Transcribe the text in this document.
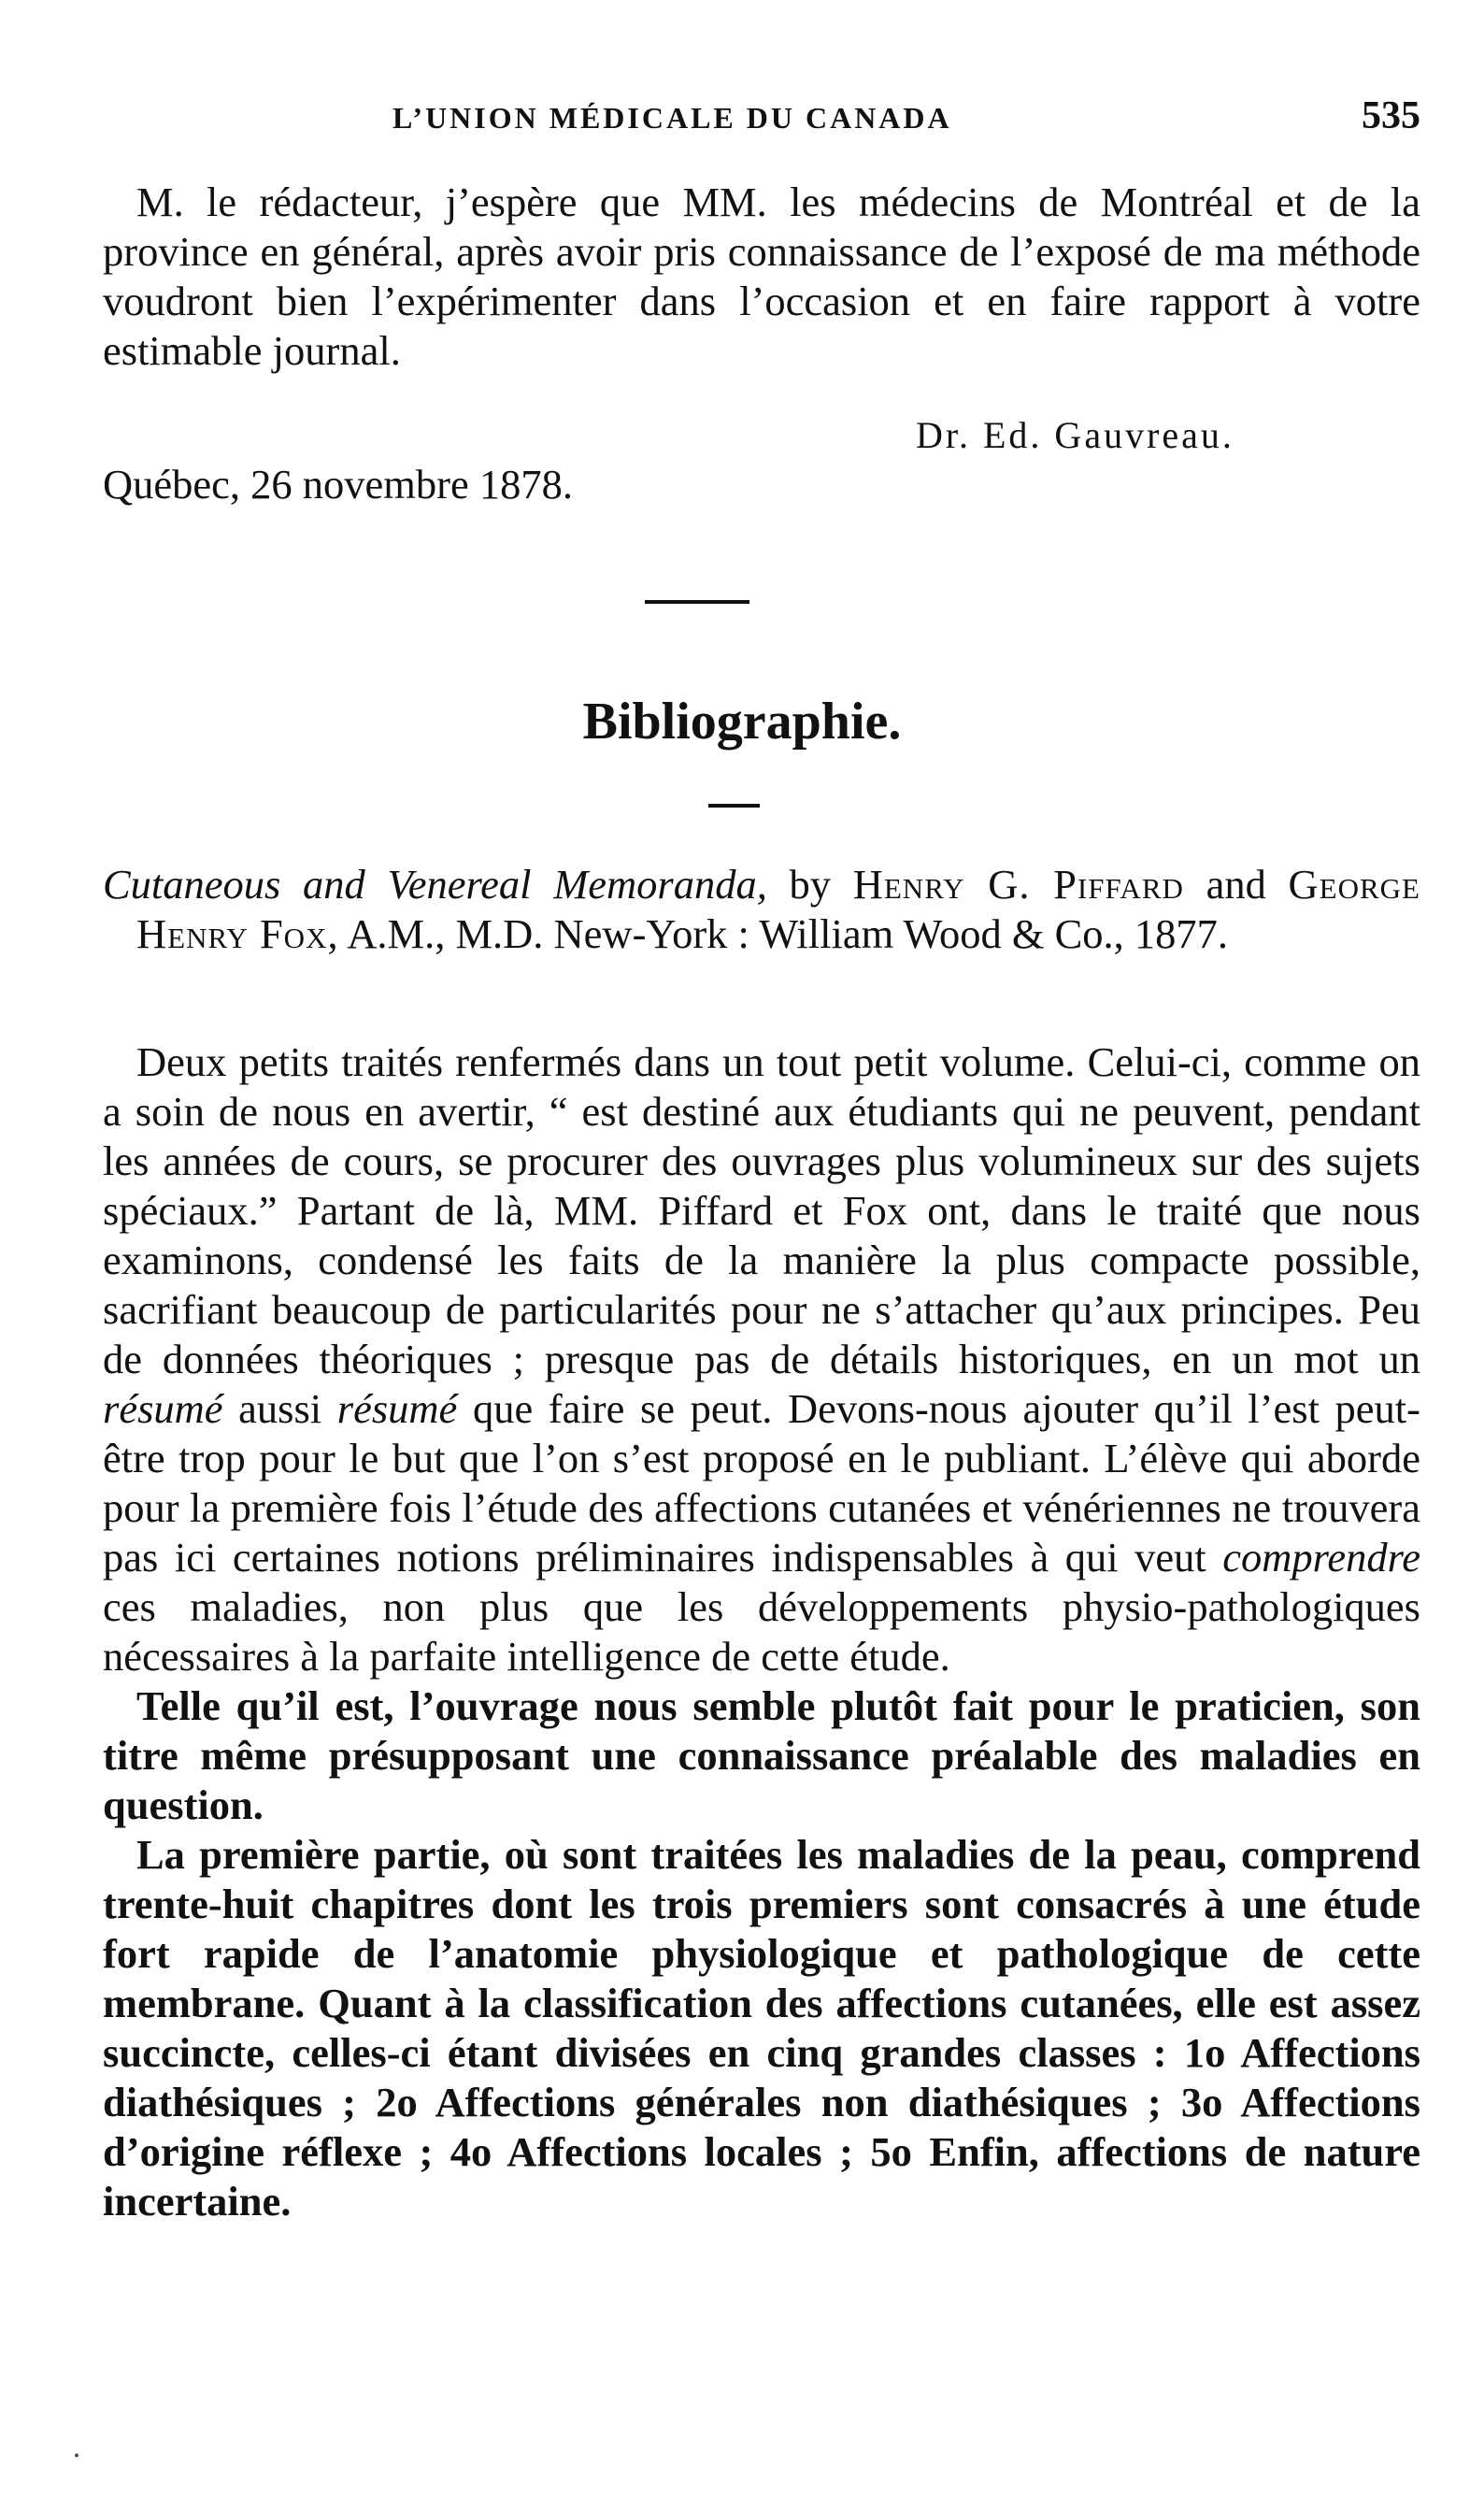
L’UNION MÉDICALE DU CANADA	535

M. le rédacteur, j’espère que MM. les médecins de Montréal et de la province en général, après avoir pris connaissance de l’exposé de ma méthode voudront bien l’expérimenter dans l’occasion et en faire rapport à votre estimable journal.

Dr. Ed. Gauvreau.
Québec, 26 novembre 1878.
Bibliographie.

Cutaneous and Venereal Memoranda, by Henry G. Piffard and George Henry Fox, A.M., M.D. New-York : William Wood & Co., 1877.

Deux petits traités renfermés dans un tout petit volume. Celui-ci, comme on a soin de nous en avertir, “ est destiné aux étudiants qui ne peuvent, pendant les années de cours, se procurer des ouvrages plus volumineux sur des sujets spéciaux.” Partant de là, MM. Piffard et Fox ont, dans le traité que nous examinons, condensé les faits de la manière la plus compacte possible, sacrifiant beaucoup de particularités pour ne s’attacher qu’aux principes. Peu de données théoriques ; presque pas de détails historiques, en un mot un résumé aussi résumé que faire se peut. Devons-nous ajouter qu’il l’est peut-être trop pour le but que l’on s’est proposé en le publiant. L’élève qui aborde pour la première fois l’étude des affections cutanées et vénériennes ne trouvera pas ici certaines notions préliminaires indispensables à qui veut comprendre ces maladies, non plus que les développements physio-pathologiques nécessaires à la parfaite intelligence de cette étude.

Telle qu’il est, l’ouvrage nous semble plutôt fait pour le praticien, son titre même présupposant une connaissance préalable des maladies en question.

La première partie, où sont traitées les maladies de la peau, comprend trente-huit chapitres dont les trois premiers sont consacrés à une étude fort rapide de l’anatomie physiologique et pathologique de cette membrane. Quant à la classification des affections cutanées, elle est assez succincte, celles-ci étant divisées en cinq grandes classes : 1o Affections diathésiques ; 2o Affections générales non diathésiques ; 3o Affections d’origine réflexe ; 4o Affections locales ; 5o Enfin, affections de nature incertaine.
